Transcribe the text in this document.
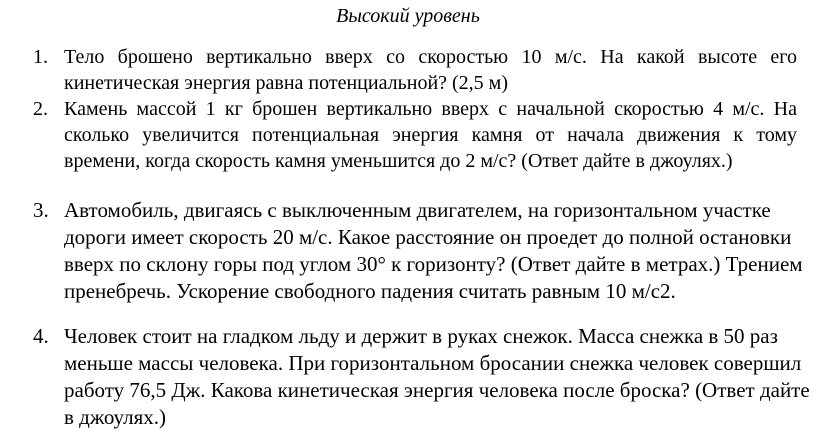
Высокий уровень
1. Тело брошено вертикально вверх со скоростью 10 м/с. На какой высоте его
кинетическая энергия равна потенциальной? (2,5 м)
2. Камень массой 1 кг брошен вертикально вверх с начальной скоростью 4 м/с. На
сколько увеличится потенциальная энергия камня от начала движения к тому
времени, когда скорость камня уменьшится до 2 м/с? (Ответ дайте в джоулях.)
3. Автомобиль, двигаясь с выключенным двигателем, на горизонтальном участке
дороги имеет скорость 20 м/с. Какое расстояние он проедет до полной остановки
вверх по склону горы под углом 30° к горизонту? (Ответ дайте в метрах.) Трением
пренебречь. Ускорение свободного падения считать равным 10 м/с2.
4. Человек стоит на гладком льду и держит в руках снежок. Масса снежка в 50 раз
меньше массы человека. При горизонтальном бросании снежка человек совершил
работу 76,5 Дж. Какова кинетическая энергия человека после броска? (Ответ дайте
в джоулях.)
